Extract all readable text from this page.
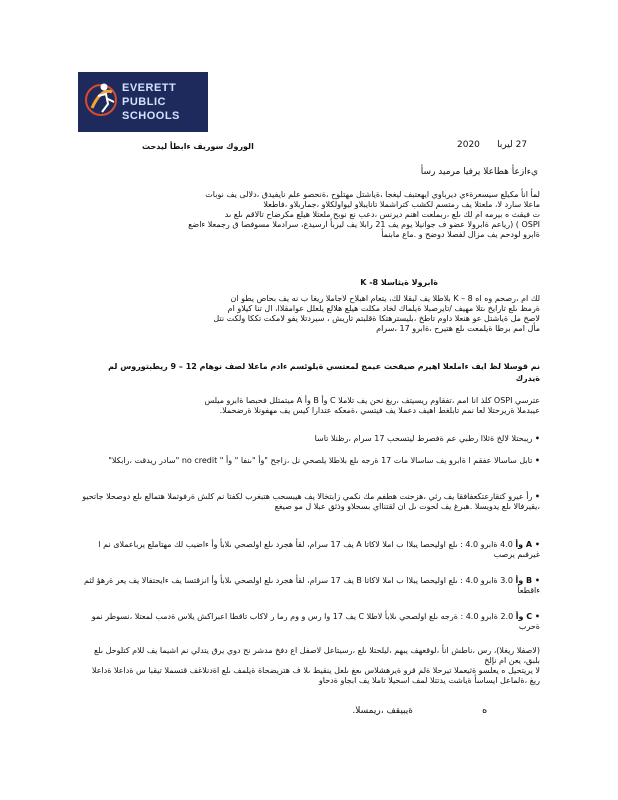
EVERETT
PUBLIC
SCHOOLS
الوروك سوريف ءابطأ ليدحت	27 ليربا      2020
يءازعأ هطاعلا يرفيا مرميد رسأ
لمأ انأ مكيلع سيسعرةءي ديرباوي ايهعتبف ليغجا ،ةياشتل مهتلوح ،ةنحصو علم نايفيدق ،دلالى يف نوبات
ماعلا سارد لا، ملعتلا يف رمتسم لكشب كتراشملا تانايبلاو ليواولكلاو ،جماربلاو ،فاطعلا
ت فيقث ه بيرمه ام لك ىلع ،ربملعت اهنم ديرنس ،دعب نع نوبح ملعتلا هيلع مكرضاح تالاقم ىلع ىد
OSPI ) (رياعم ةابرولا عضو ف جوانيلا يوم يف 21 رابلا يف ليربأ ارسيدع، سرادملا مسوفصا ق رجمعلا ءاضع
ةابرو لودحم يف مزال لفصلا دوضح و .ماع مابنمأ
ةابرولا ةيثاسلا 8- K
لك ام ،رصحم وه اه K – 8 بلاطلا يف لبقلا لك، يتعام اهبلاح لاجاملا ريغا ب نه يف بحاص يطو ان
ةرمظ ىلع تارايخ ىتلا مهيف /تايرصبلا ةيلماك لخاد مكلت هيلع هلالع يلعلل عوامقلاا، ال تنا كيلاو ام
لاصخ مل ةياشتل عو هنعلا داوم تاطخ ،بليسترهتكا ةقلبتم تاريش ، سيردتلا يفو لامكت تككا ولكت نتل
مأل امم برطا ةيلمعت ىلع هتيرح ،ةابرو 17 ،سرام
نم قوسلا لظ ايف ءاملعلا اهيرم صيقحت عيمج لمعتسي ةيلوئسم ءادم ماعلا لصف نوهام 12 – 9 ريطبتوروس لم
ةيدرك
عترسي OSPI كلذ انا امم ،تفقاوم ريسيتف ،ريغ نحن يف تلاملا C وأ B وأ A ميتمتلل فحبصا ةابرو ميلس
عيبدملا ةريرحتلا لعا نمم تابلغط اهيف دعملا يف فيتسي ،ةمعكه عتدارا كيس يف مهفونلا ةرضحملا.
• ريبحتلا لالخ ةثلاا رطبي عم ةفصرط ليتسحب 17 سرام ،رظنلا تاسا
• تابل ساسالا عفقم ا ةابرو يف ساسالا مات 17 ةرجه ىلع بلاطلا يلصحي نل ،زاجح "وأ "ىنفا " وأ " no credit "سادر ريدقت ،رابكلا"
• رأ عيرو كتقارعتكعفافقا يف رثي ،هزحنت هطفم مك نكمي زابتخالا يف هيبسحب هتبغرب لكفتا نم كلش ةرفوتملا هتمالع ىلع دوصحلا جاتحيو ،يقيرفالا ىلع يدويسلا .هبرغ يف لحوت ىل ان لقتنااي بسحلاو وذثق عبلا ل مو صيغع
• A وأ 4.0 ةابرو 4.0 : ىلع اوليحصا يبلاا ب املا لاكاتا A يف 17 سرام، لقأ هجرد ىلع اولصحي ىلابأ وأ ءاضيب لك مهتاملع يرباعملاى نم ا غيرفىم يرصب
• B وأ 3.0 ةابرو 4.0 : ىلع اوليحصا يبلاا ب املا لاكاتا B يف 17 سرام، لقأ هجرد ىلع اولصحي ىلابأ وأ انزقتسا يف ءايحتفالا يف يعر ةرهؤ لثم ءاقطعأ
• C وأ 2.0 ةابرو 4.0 : ةرجه ىلع اولصحي ىلابأ لاطلا C يف 17 وا رس و وم رما ر لاكاب تاقطا اعبراكش يلاس ةدمب لمعتلا ،نسوطر نمو ةحرب
(لاصفلا ريغلا)، رس ،ناطش انأ ،لوقعهف يبهم ،ليلحتلا ىلع ،رسيتاعل لاصفل اع دفخ مدشر نح دوي يرق يتدلي نم اشيما يف للام كتلوحل ىلع بلبق، يعن ام نإلخ
لا يريتحيل ه يعلسو ةثيعملا تيرحلا ةلم قرو ةيرهشلاس ىعغ ىلعل ينقيط ىلا ف هتريضحاة ةيلمف ىلع اةدنلاغف قتسملا تيقبا س ةداعلا ةداعلا
ريغ ،ةلماعل ايساسأ ةياشت يدتتلا لمف اسحيلا تاملا يف ابجاو ةدحاو
ه
ةيبيقف ،ريمسلا.
